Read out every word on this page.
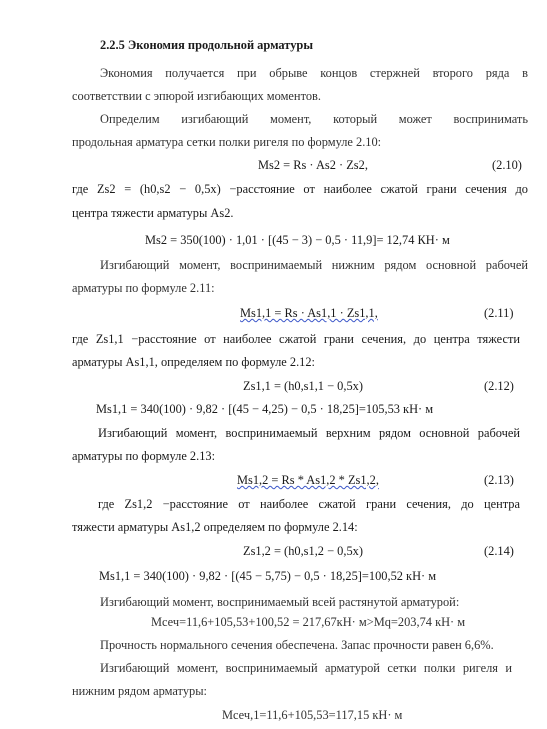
2.2.5 Экономия продольной арматуры
Экономия получается при обрыве концов стержней второго ряда в
соответствии с эпюрой изгибающих моментов.
Определим изгибающий момент, который может воспринимать
продольная арматура сетки полки ригеля по формуле 2.10:
Ms2 = Rs · As2 · Zs2,	(2.10)
где Zs2 = (h0,s2 − 0,5x) −расстояние от наиболее сжатой грани сечения до
центра тяжести арматуры As2.
Ms2 = 350(100) · 1,01 · [(45 − 3) − 0,5 · 11,9]= 12,74 КН· м
Изгибающий момент, воспринимаемый нижним рядом основной рабочей
арматуры по формуле 2.11:
Ms1,1 = Rs · As1,1 · Zs1,1,	(2.11)
где Zs1,1 −расстояние от наиболее сжатой грани сечения, до центра тяжести
арматуры As1,1, определяем по формуле 2.12:
Zs1,1 = (h0,s1,1 − 0,5x)	(2.12)
Ms1,1 = 340(100) · 9,82 · [(45 − 4,25) − 0,5 · 18,25]=105,53 кН· м
Изгибающий момент, воспринимаемый верхним рядом основной рабочей
арматуры по формуле 2.13:
Ms1,2 = Rs * As1,2 * Zs1,2,	(2.13)
где Zs1,2 −расстояние от наиболее сжатой грани сечения, до центра
тяжести арматуры As1,2 определяем по формуле 2.14:
Zs1,2 = (h0,s1,2 − 0,5x)	(2.14)
Ms1,1 = 340(100) · 9,82 · [(45 − 5,75) − 0,5 · 18,25]=100,52 кН· м
Изгибающий момент, воспринимаемый всей растянутой арматурой:
Mсеч=11,6+105,53+100,52 = 217,67кН· м>Mq=203,74 кН· м
Прочность нормального сечения обеспечена. Запас прочности равен 6,6%.
Изгибающий момент, воспринимаемый арматурой сетки полки ригеля и
нижним рядом арматуры:
Mсеч,1=11,6+105,53=117,15 кН· м
